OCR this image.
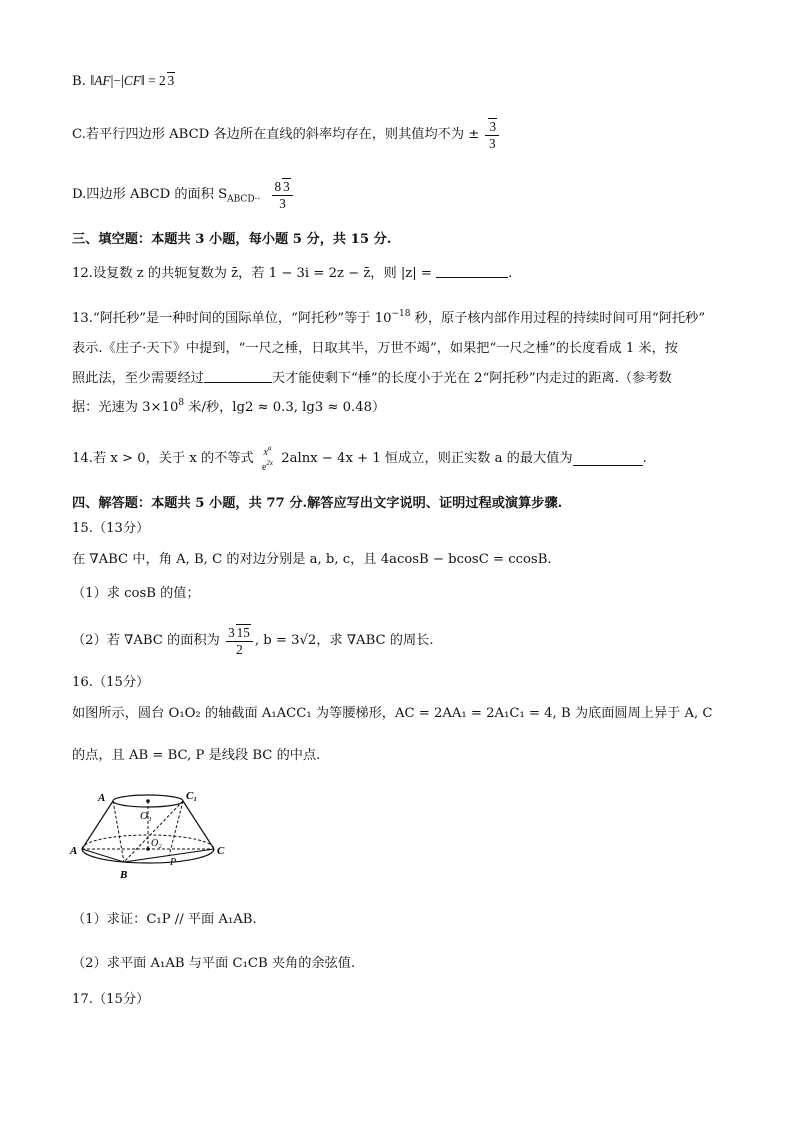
B. ‖AF|−|CF‖ = 2 3
C.若平行四边形 ABCD 各边所在直线的斜率均存在，则其值均不为 ± $\frac{3}{3}$
D.四边形 ABCD 的面积 $S_{ABCD\cdot\cdot} \frac{8 3}{3}$
三、填空题：本题共 3 小题，每小题 5 分，共 15 分.
12.设复数 z 的共轭复数为 z̄，若 1 − 3i = 2z − z̄，则 |z| =	.
13.“阿托秒”是一种时间的国际单位，“阿托秒”等于 $10^{-18}$ 秒，原子核内部作用过程的持续时间可用“阿托秒”
表示.《庄子·天下》中提到，“一尺之棰，日取其半，万世不竭”，如果把“一尺之棰”的长度看成 1 米，按
照此法，至少需要经过	天才能使剩下“棰”的长度小于光在 2“阿托秒”内走过的距离.（参考数
据：光速为 $3\times 10^8$ 米/秒，lg2 ≈ 0.3, lg3 ≈ 0.48）
14.若 x > 0，关于 x 的不等式 $x^a$
$e^{2x}$ 2alnx − 4x + 1 恒成立，则正实数 a 的最大值为	.
四、解答题：本题共 5 小题，共 77 分.解答应写出文字说明、证明过程或演算步骤.
15.（13分）
在 ∇ABC 中，角 A, B, C 的对边分别是 a, b, c，且 4acosB − bcosC = ccosB.
（1）求 cosB 的值；
（2）若 ∇ABC 的面积为 $\frac{3 15}{2}$ , b = 3√2，求 ∇ABC 的周长.
16.（15分）
如图所示，圆台 O₁O₂ 的轴截面 A₁ACC₁ 为等腰梯形，AC = 2AA₁ = 2A₁C₁ = 4, B 为底面圆周上异于 A, C
的点，且 AB = BC, P 是线段 BC 的中点.
A	C₁
O₁
O₂
A	C
B
P
（1）求证：C₁P // 平面 A₁AB.
（2）求平面 A₁AB 与平面 C₁CB 夹角的余弦值.
17.（15分）
